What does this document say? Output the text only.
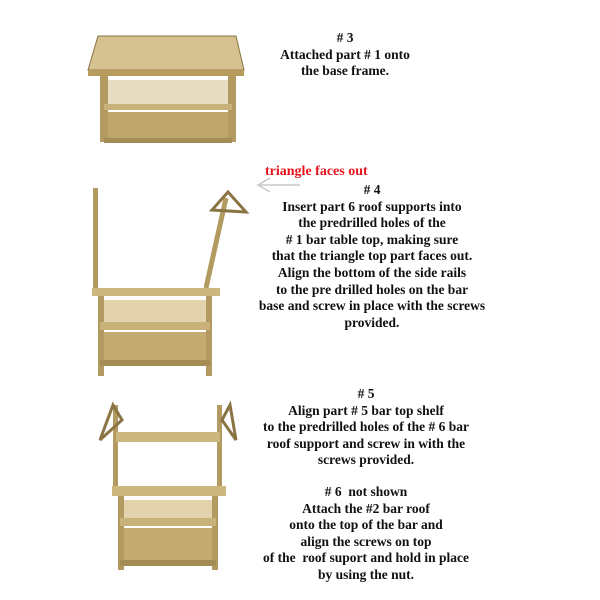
triangle faces out
# 3
Attached part # 1 onto
the base frame.
# 4
Insert part 6 roof supports into
the predrilled holes of the
# 1 bar table top, making sure
that the triangle top part faces out.
Align the bottom of the side rails
to the pre drilled holes on the bar
base and screw in place with the screws
provided.
# 5
Align part # 5 bar top shelf
to the predrilled holes of the # 6 bar
roof support and screw in with the
screws provided.
# 6  not shown
Attach the #2 bar roof
onto the top of the bar and
align the screws on top
of the  roof suport and hold in place
by using the nut.
